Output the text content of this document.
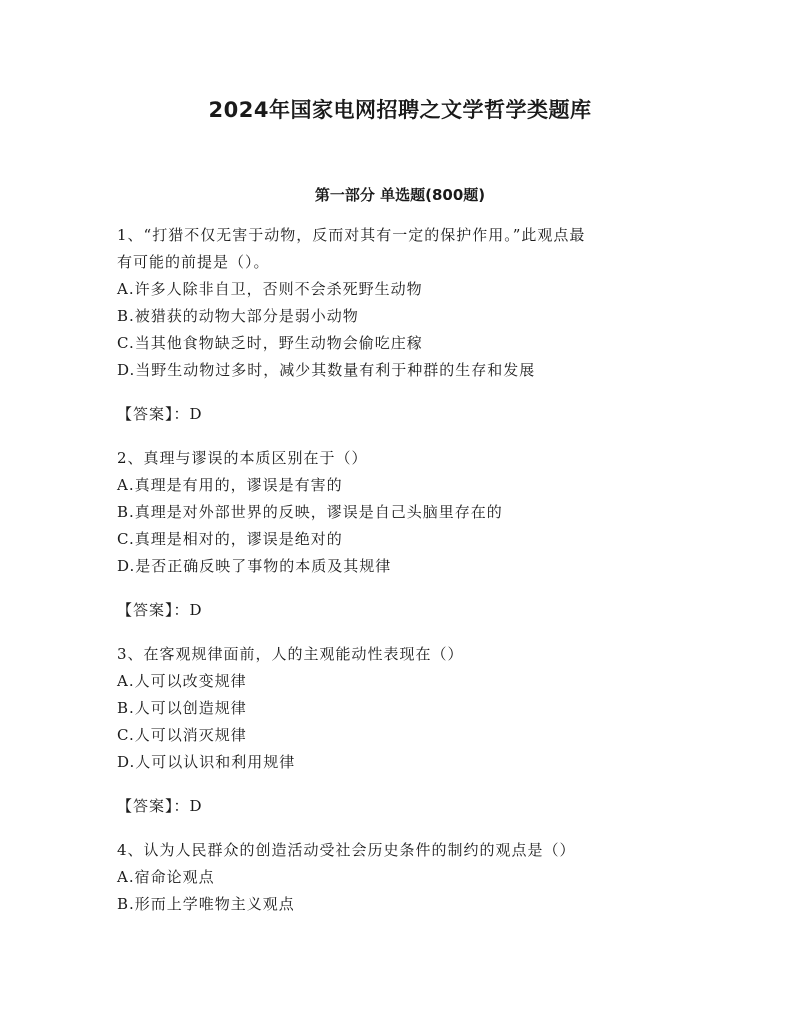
2024年国家电网招聘之文学哲学类题库
第一部分 单选题(800题)
1、“打猎不仅无害于动物，反而对其有一定的保护作用。”此观点最
有可能的前提是（）。
A.许多人除非自卫，否则不会杀死野生动物
B.被猎获的动物大部分是弱小动物
C.当其他食物缺乏时，野生动物会偷吃庄稼
D.当野生动物过多时，减少其数量有利于种群的生存和发展
【答案】：D
2、真理与谬误的本质区别在于（）
A.真理是有用的，谬误是有害的
B.真理是对外部世界的反映，谬误是自己头脑里存在的
C.真理是相对的，谬误是绝对的
D.是否正确反映了事物的本质及其规律
【答案】：D
3、在客观规律面前，人的主观能动性表现在（）
A.人可以改变规律
B.人可以创造规律
C.人可以消灭规律
D.人可以认识和利用规律
【答案】：D
4、认为人民群众的创造活动受社会历史条件的制约的观点是（）
A.宿命论观点
B.形而上学唯物主义观点
